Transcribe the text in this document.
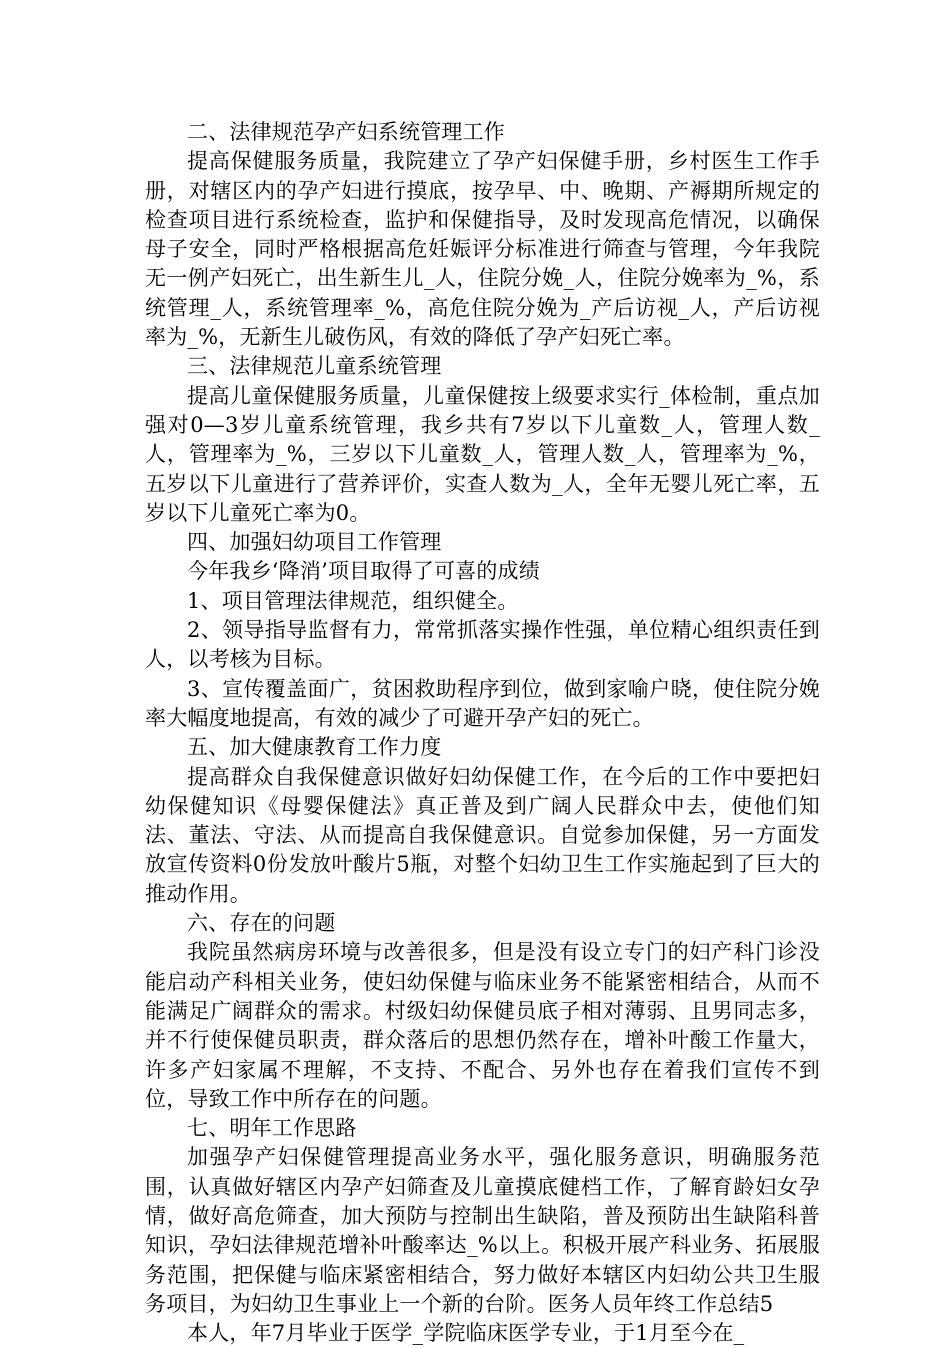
二、法律规范孕产妇系统管理工作

提高保健服务质量，我院建立了孕产妇保健手册，乡村医生工作手册，对辖区内的孕产妇进行摸底，按孕早、中、晚期、产褥期所规定的检查项目进行系统检查，监护和保健指导，及时发现高危情况，以确保母子安全，同时严格根据高危妊娠评分标准进行筛查与管理，今年我院无一例产妇死亡，出生新生儿_人，住院分娩_人，住院分娩率为_%，系统管理_人，系统管理率_%，高危住院分娩为_产后访视_人，产后访视率为_%，无新生儿破伤风，有效的降低了孕产妇死亡率。

三、法律规范儿童系统管理

提高儿童保健服务质量，儿童保健按上级要求实行_体检制，重点加强对0—3岁儿童系统管理，我乡共有7岁以下儿童数_人，管理人数_人，管理率为_%，三岁以下儿童数_人，管理人数_人，管理率为_%，五岁以下儿童进行了营养评价，实查人数为_人，全年无婴儿死亡率，五岁以下儿童死亡率为0。

四、加强妇幼项目工作管理

今年我乡‘降消’项目取得了可喜的成绩

1、项目管理法律规范，组织健全。

2、领导指导监督有力，常常抓落实操作性强，单位精心组织责任到人，以考核为目标。

3、宣传覆盖面广，贫困救助程序到位，做到家喻户晓，使住院分娩率大幅度地提高，有效的减少了可避开孕产妇的死亡。

五、加大健康教育工作力度

提高群众自我保健意识做好妇幼保健工作，在今后的工作中要把妇幼保健知识《母婴保健法》真正普及到广阔人民群众中去，使他们知法、董法、守法、从而提高自我保健意识。自觉参加保健，另一方面发放宣传资料0份发放叶酸片5瓶，对整个妇幼卫生工作实施起到了巨大的推动作用。

六、存在的问题

我院虽然病房环境与改善很多，但是没有设立专门的妇产科门诊没能启动产科相关业务，使妇幼保健与临床业务不能紧密相结合，从而不能满足广阔群众的需求。村级妇幼保健员底子相对薄弱、且男同志多，并不行使保健员职责，群众落后的思想仍然存在，增补叶酸工作量大，许多产妇家属不理解，不支持、不配合、另外也存在着我们宣传不到位，导致工作中所存在的问题。

七、明年工作思路

加强孕产妇保健管理提高业务水平，强化服务意识，明确服务范围，认真做好辖区内孕产妇筛查及儿童摸底健档工作，了解育龄妇女孕情，做好高危筛查，加大预防与控制出生缺陷，普及预防出生缺陷科普知识，孕妇法律规范增补叶酸率达_%以上。积极开展产科业务、拓展服务范围，把保健与临床紧密相结合，努力做好本辖区内妇幼公共卫生服务项目，为妇幼卫生事业上一个新的台阶。医务人员年终工作总结5

本人，年7月毕业于医学_学院临床医学专业，于1月至今在_
